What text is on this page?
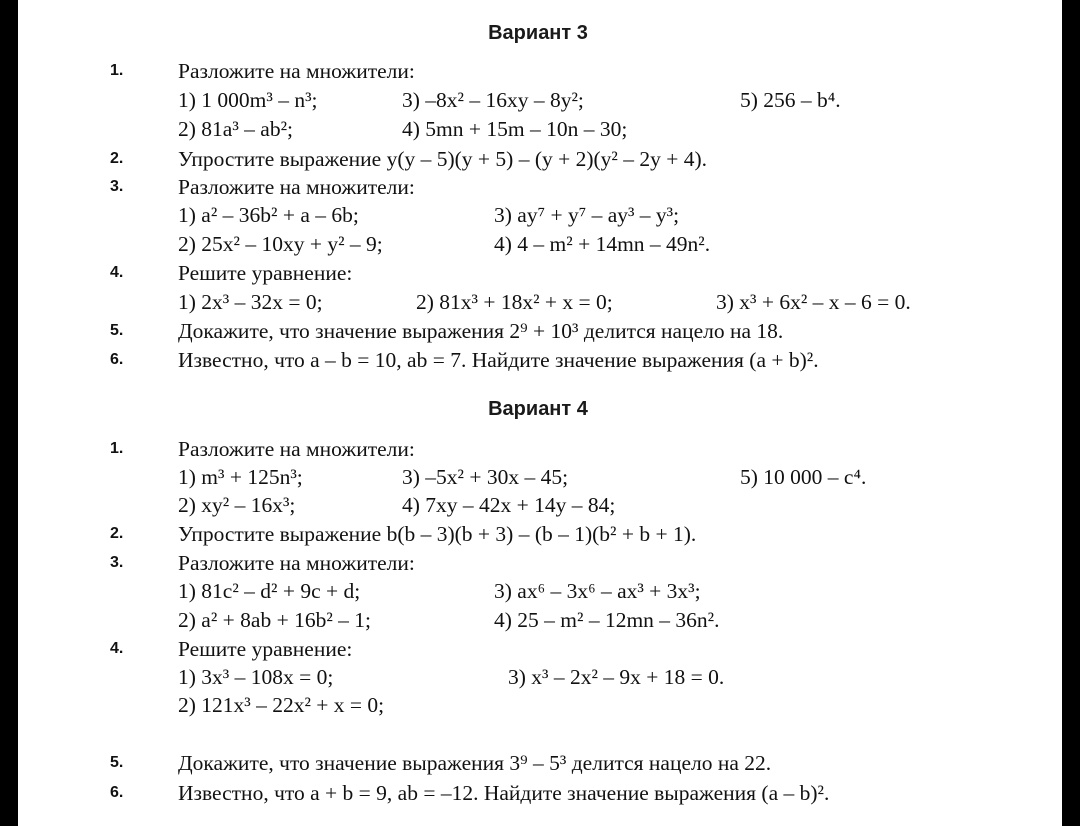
Вариант 3
1.	Разложите на множители:
1) 1 000m³ – n³;	3) –8x² – 16xy – 8y²;	5) 256 – b⁴.
2) 81a³ – ab²;	4) 5mn + 15m – 10n – 30;
2.	Упростите выражение y(y – 5)(y + 5) – (y + 2)(y² – 2y + 4).
3.	Разложите на множители:
1) a² – 36b² + a – 6b;	3) ay⁷ + y⁷ – ay³ – y³;
2) 25x² – 10xy + y² – 9;	4) 4 – m² + 14mn – 49n².
4.	Решите уравнение:
1) 2x³ – 32x = 0;	2) 81x³ + 18x² + x = 0;	3) x³ + 6x² – x – 6 = 0.
5.	Докажите, что значение выражения 2⁹ + 10³ делится нацело на 18.
6.	Известно, что a – b = 10, ab = 7. Найдите значение выражения (a + b)².
Вариант 4
1.	Разложите на множители:
1) m³ + 125n³;	3) –5x² + 30x – 45;	5) 10 000 – c⁴.
2) xy² – 16x³;	4) 7xy – 42x + 14y – 84;
2.	Упростите выражение b(b – 3)(b + 3) – (b – 1)(b² + b + 1).
3.	Разложите на множители:
1) 81c² – d² + 9c + d;	3) ax⁶ – 3x⁶ – ax³ + 3x³;
2) a² + 8ab + 16b² – 1;	4) 25 – m² – 12mn – 36n².
4.	Решите уравнение:
1) 3x³ – 108x = 0;	3) x³ – 2x² – 9x + 18 = 0.
2) 121x³ – 22x² + x = 0;
5.	Докажите, что значение выражения 3⁹ – 5³ делится нацело на 22.
6.	Известно, что a + b = 9, ab = –12. Найдите значение выражения (a – b)².
